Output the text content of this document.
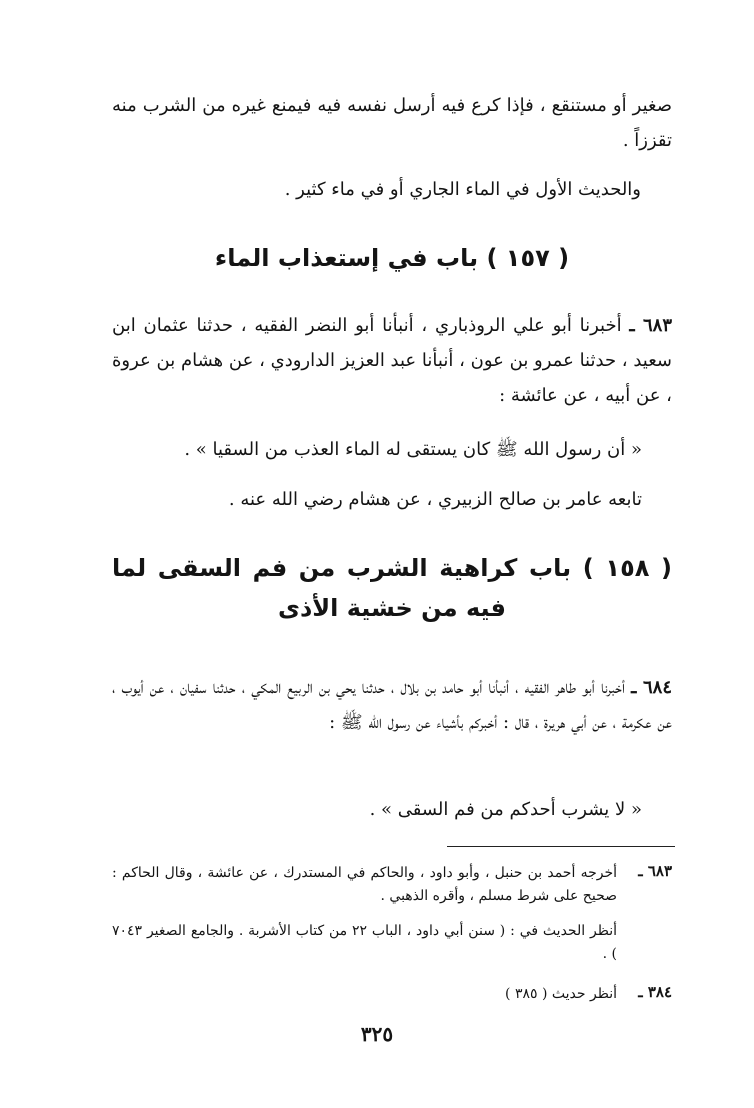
صغير أو مستنقع ، فإذا كرع فيه أرسل نفسه فيه فيمنع غيره من الشرب منه تقززاً .
والحديث الأول في الماء الجاري أو في ماء كثير .
( ١٥٧ ) باب في إستعذاب الماء
٦٨٣ ـ أخبرنا أبو علي الروذباري ، أنبأنا أبو النضر الفقيه ، حدثنا عثمان ابن سعيد ، حدثنا عمرو بن عون ، أنبأنا عبد العزيز الدارودي ، عن هشام بن عروة ، عن أبيه ، عن عائشة :
« أن رسول الله ﷺ كان يستقى له الماء العذب من السقيا » .
تابعه عامر بن صالح الزبيري ، عن هشام رضي الله عنه .
( ١٥٨ ) باب كراهية الشرب من فم السقى لما فيه من خشية الأذى
٦٨٤ ـ أخبرنا أبو طاهر الفقيه ، أنبأنا أبو حامد بن بلال ، حدثنا يحي بن الربيع المكي ، حدثنا سفيان ، عن أيوب ، عن عكرمة ، عن أبي هريرة ، قال : أخبركم بأشياء عن رسول الله ﷺ :
« لا يشرب أحدكم من فم السقى » .
٦٨٣ ـ
أخرجه أحمد بن حنبل ، وأبو داود ، والحاكم في المستدرك ، عن عائشة ، وقال الحاكم : صحيح على شرط مسلم ، وأقره الذهبي .
أنظر الحديث في : ( سنن أبي داود ، الباب ٢٢ من كتاب الأشربة . والجامع الصغير ٧٠٤٣ ) .
٣٨٤ ـ
أنظر حديث ( ٣٨٥ )
٣٢٥
